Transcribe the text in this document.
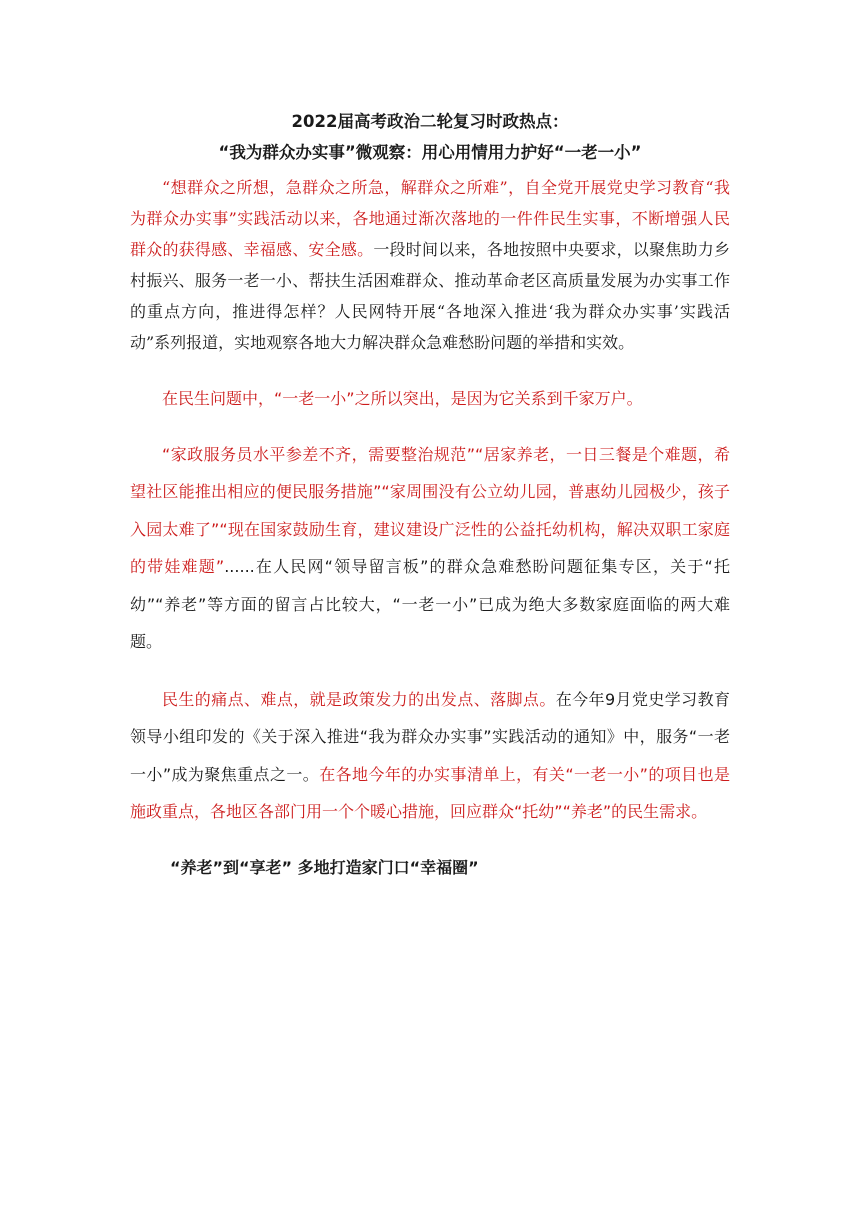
2022届高考政治二轮复习时政热点：

“我为群众办实事”微观察：用心用情用力护好“一老一小”

“想群众之所想，急群众之所急，解群众之所难”，自全党开展党史学习教育“我为群众办实事”实践活动以来，各地通过渐次落地的一件件民生实事，不断增强人民群众的获得感、幸福感、安全感。一段时间以来，各地按照中央要求，以聚焦助力乡村振兴、服务一老一小、帮扶生活困难群众、推动革命老区高质量发展为办实事工作的重点方向，推进得怎样？人民网特开展“各地深入推进‘我为群众办实事’实践活动”系列报道，实地观察各地大力解决群众急难愁盼问题的举措和实效。

在民生问题中，“一老一小”之所以突出，是因为它关系到千家万户。

“家政服务员水平参差不齐，需要整治规范”“居家养老，一日三餐是个难题，希望社区能推出相应的便民服务措施”“家周围没有公立幼儿园，普惠幼儿园极少，孩子入园太难了”“现在国家鼓励生育，建议建设广泛性的公益托幼机构，解决双职工家庭的带娃难题”......在人民网“领导留言板”的群众急难愁盼问题征集专区，关于“托幼”“养老”等方面的留言占比较大，“一老一小”已成为绝大多数家庭面临的两大难题。

民生的痛点、难点，就是政策发力的出发点、落脚点。在今年9月党史学习教育领导小组印发的《关于深入推进“我为群众办实事”实践活动的通知》中，服务“一老一小”成为聚焦重点之一。在各地今年的办实事清单上，有关“一老一小”的项目也是施政重点，各地区各部门用一个个暖心措施，回应群众“托幼”“养老”的民生需求。

“养老”到“享老” 多地打造家门口“幸福圈”
